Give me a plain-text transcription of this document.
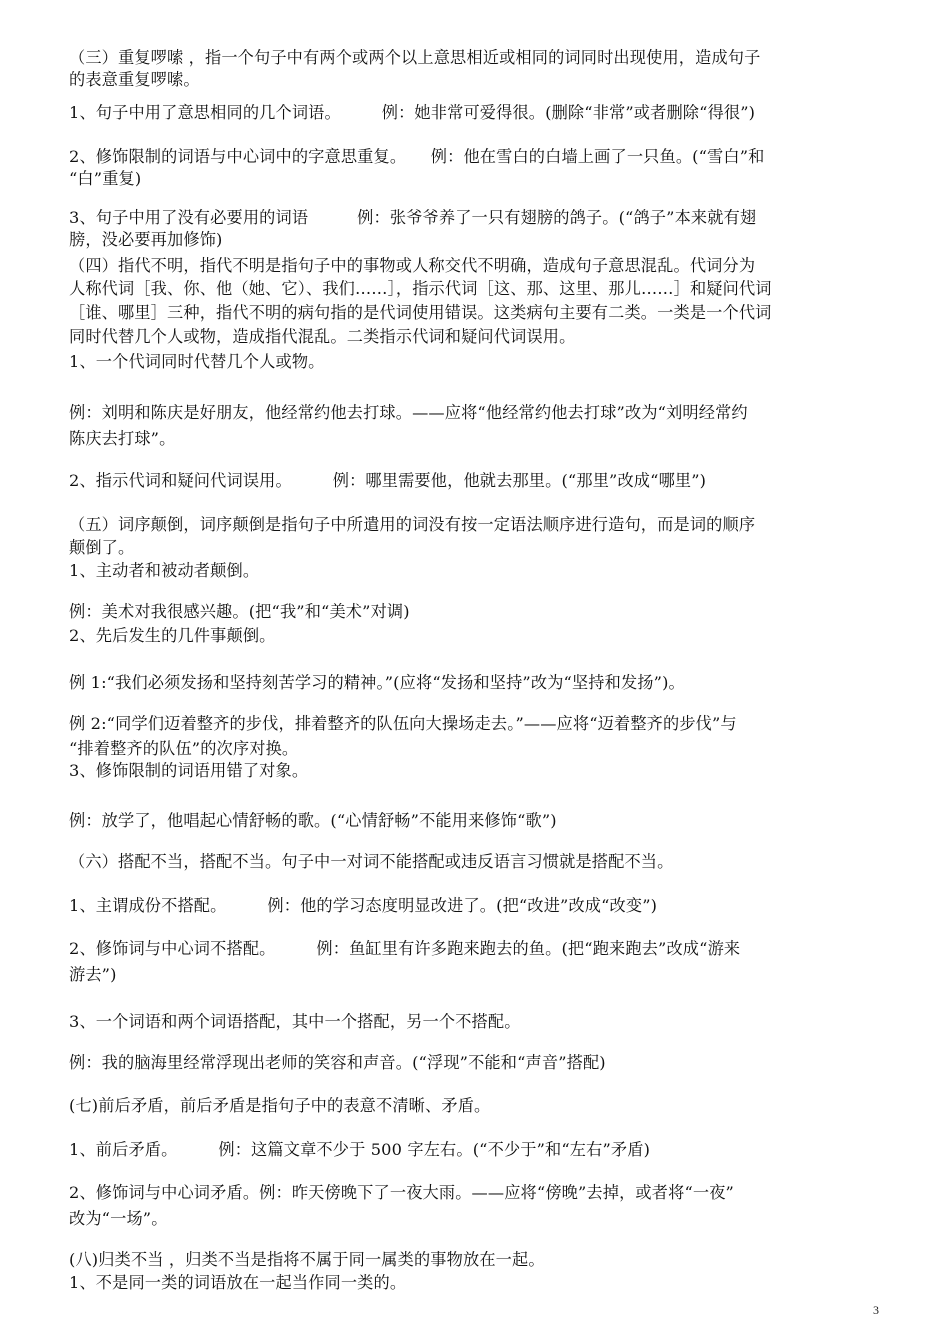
（三）重复啰嗦 ，指一个句子中有两个或两个以上意思相近或相同的词同时出现使用，造成句子
的表意重复啰嗦。
1、句子中用了意思相同的几个词语。　　　例：她非常可爱得很。(删除“非常”或者删除“得很”)
2、修饰限制的词语与中心词中的字意思重复。　　例：他在雪白的白墙上画了一只鱼。(“雪白”和
“白”重复)
3、句子中用了没有必要用的词语　　　例：张爷爷养了一只有翅膀的鸽子。(“鸽子”本来就有翅
膀，没必要再加修饰)
（四）指代不明，指代不明是指句子中的事物或人称交代不明确，造成句子意思混乱。代词分为
人称代词［我、你、他（她、它）、我们……］，指示代词［这、那、这里、那儿……］和疑问代词
［谁、哪里］三种，指代不明的病句指的是代词使用错误。这类病句主要有二类。一类是一个代词
同时代替几个人或物，造成指代混乱。二类指示代词和疑问代词误用。
1、一个代词同时代替几个人或物。
例：刘明和陈庆是好朋友，他经常约他去打球。——应将“他经常约他去打球”改为“刘明经常约
陈庆去打球”。
2、指示代词和疑问代词误用。　　　例：哪里需要他，他就去那里。(“那里”改成“哪里”)
（五）词序颠倒，词序颠倒是指句子中所遣用的词没有按一定语法顺序进行造句，而是词的顺序
颠倒了。
1、主动者和被动者颠倒。
例：美术对我很感兴趣。(把“我”和“美术”对调)
2、先后发生的几件事颠倒。
例 1:“我们必须发扬和坚持刻苦学习的精神。”(应将“发扬和坚持”改为“坚持和发扬”)。
例 2:“同学们迈着整齐的步伐，排着整齐的队伍向大操场走去。”——应将“迈着整齐的步伐”与
“排着整齐的队伍”的次序对换。
3、修饰限制的词语用错了对象。
例：放学了，他唱起心情舒畅的歌。(“心情舒畅”不能用来修饰“歌”)
（六）搭配不当，搭配不当。句子中一对词不能搭配或违反语言习惯就是搭配不当。
1、主谓成份不搭配。　　　例：他的学习态度明显改进了。(把“改进”改成“改变”)
2、修饰词与中心词不搭配。　　　例：鱼缸里有许多跑来跑去的鱼。(把“跑来跑去”改成“游来
游去”)
3、一个词语和两个词语搭配，其中一个搭配，另一个不搭配。
例：我的脑海里经常浮现出老师的笑容和声音。(“浮现”不能和“声音”搭配)
(七)前后矛盾，前后矛盾是指句子中的表意不清晰、矛盾。
1、前后矛盾。　　　例：这篇文章不少于 500 字左右。(“不少于”和“左右”矛盾)
2、修饰词与中心词矛盾。例：昨天傍晚下了一夜大雨。——应将“傍晚”去掉，或者将“一夜”
改为“一场”。
(八)归类不当 ，归类不当是指将不属于同一属类的事物放在一起。
1、不是同一类的词语放在一起当作同一类的。
3
